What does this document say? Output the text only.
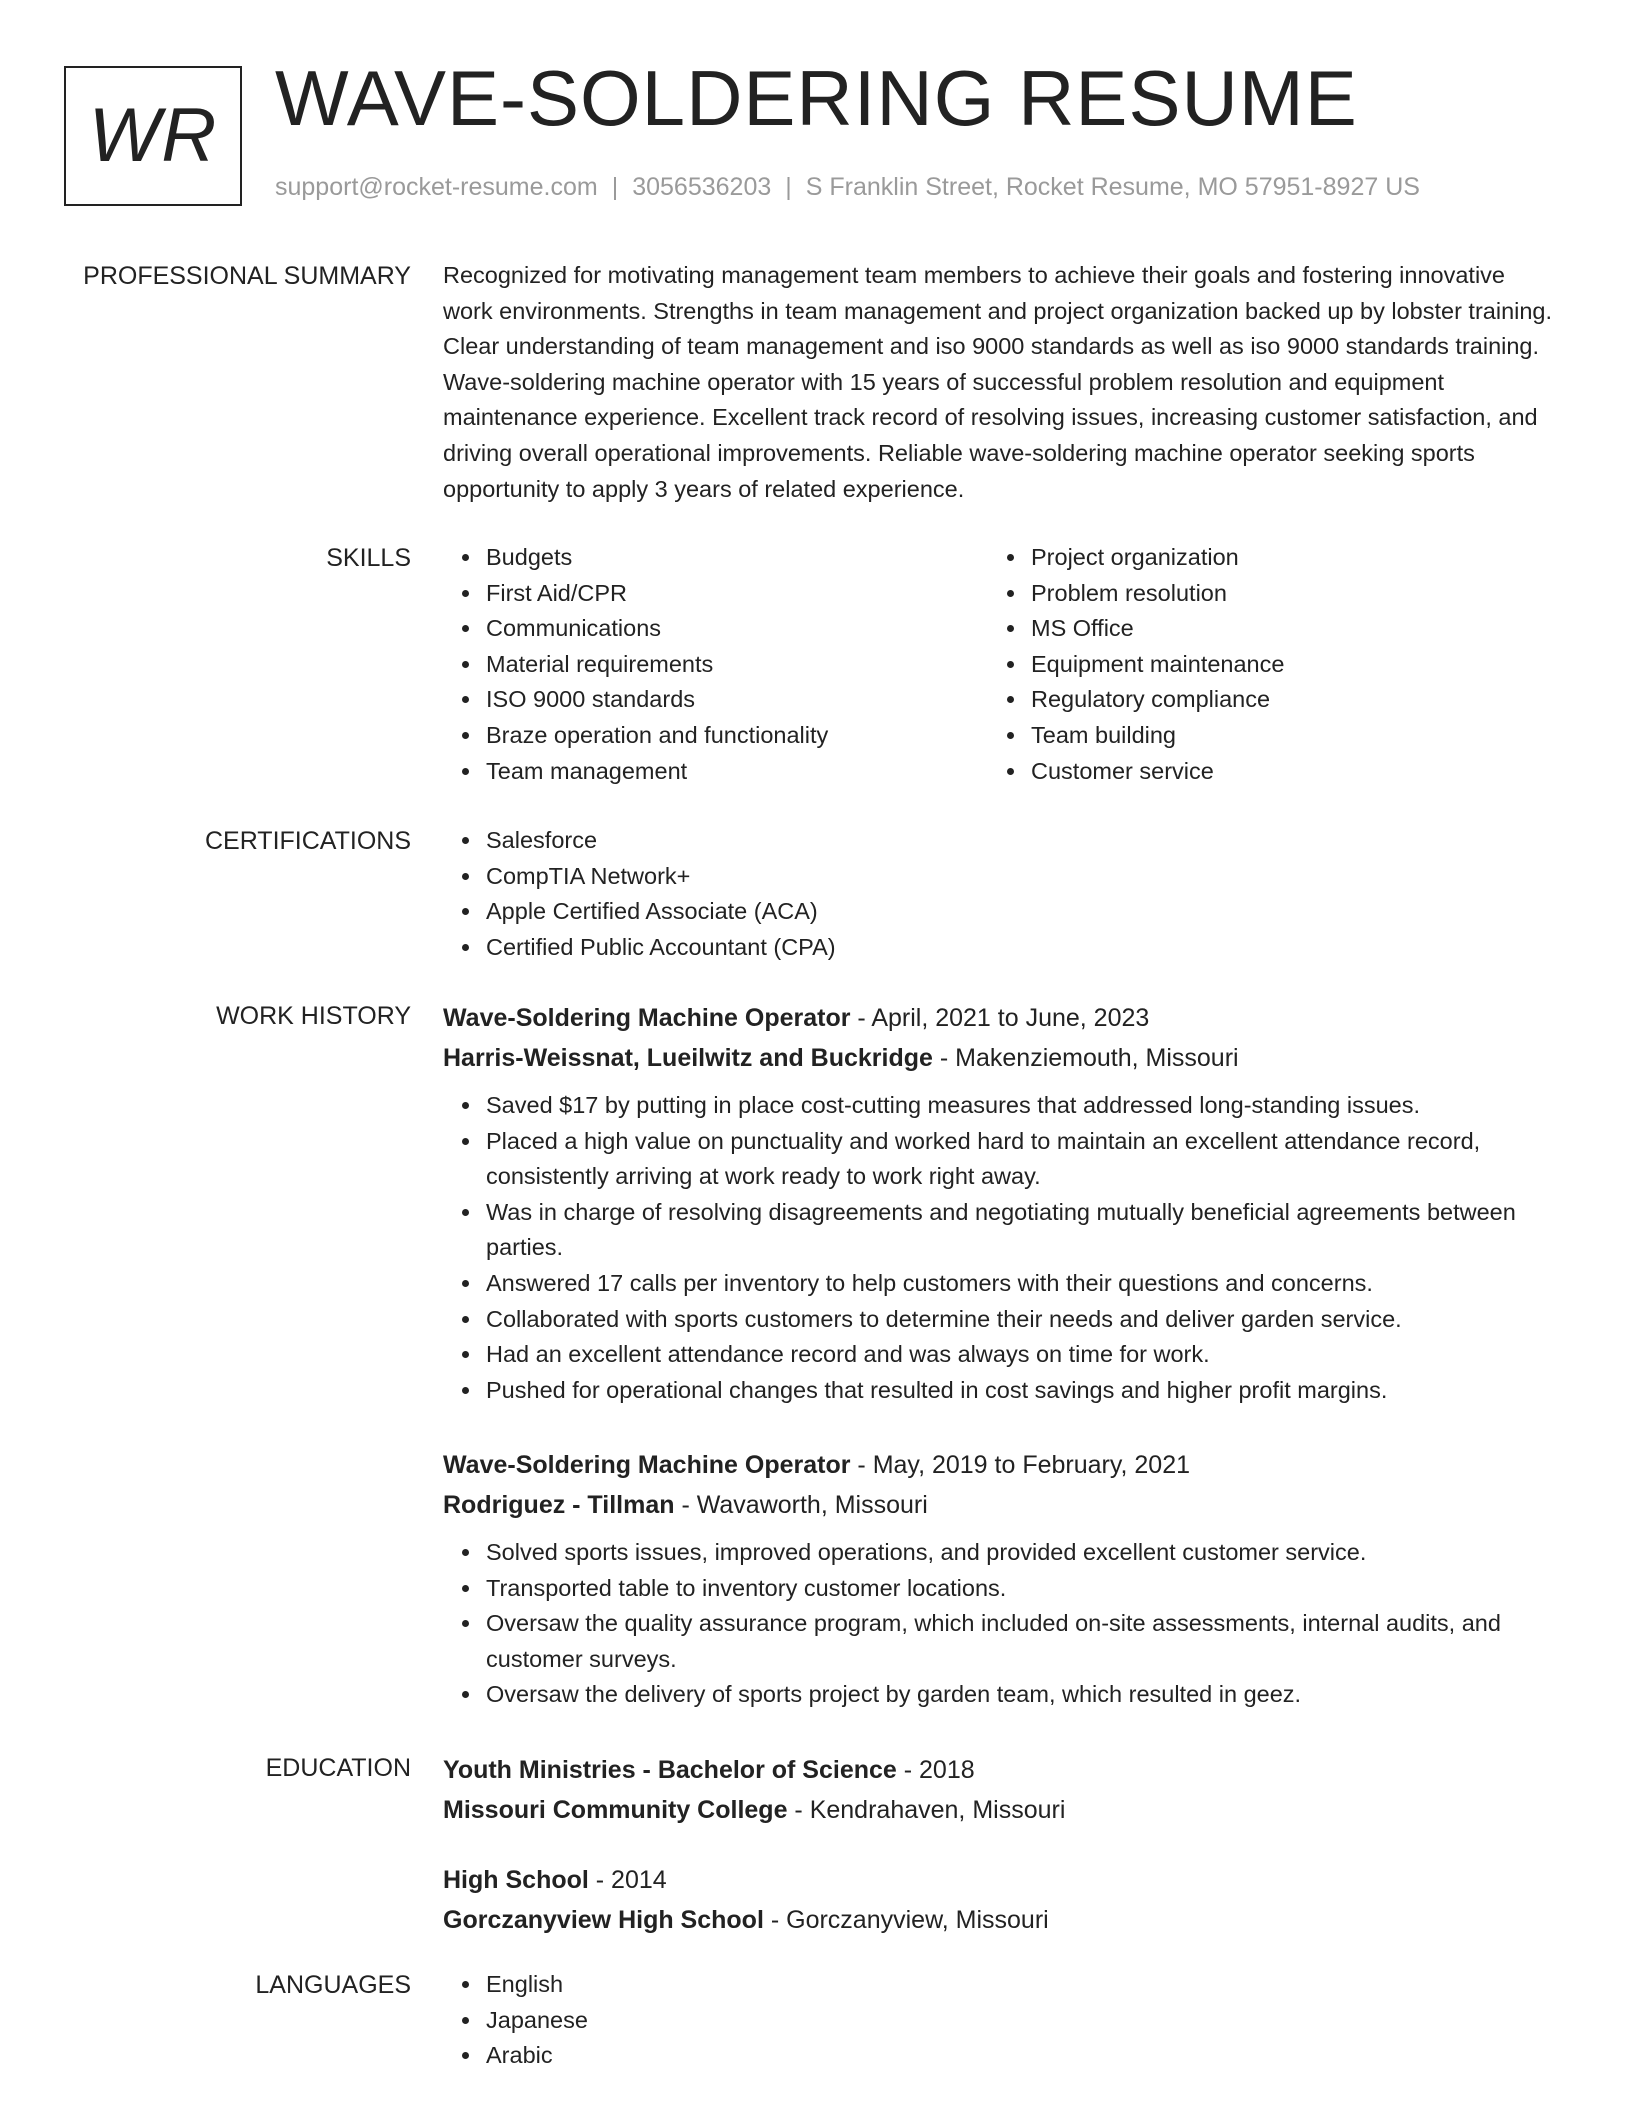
WR WAVE-SOLDERING RESUME
support@rocket-resume.com | 3056536203 | S Franklin Street, Rocket Resume, MO 57951-8927 US
PROFESSIONAL SUMMARY Recognized for motivating management team members to achieve their goals and fostering innovative work environments. Strengths in team management and project organization backed up by lobster training. Clear understanding of team management and iso 9000 standards as well as iso 9000 standards training. Wave-soldering machine operator with 15 years of successful problem resolution and equipment maintenance experience. Excellent track record of resolving issues, increasing customer satisfaction, and driving overall operational improvements. Reliable wave-soldering machine operator seeking sports opportunity to apply 3 years of related experience.

SKILLS	Budgets
First Aid/CPR
Communications
Material requirements
ISO 9000 standards
Braze operation and functionality
Team management
Project organization
Problem resolution
MS Office
Equipment maintenance
Regulatory compliance
Team building
Customer service
CERTIFICATIONS	Salesforce
CompTIA Network+
Apple Certified Associate (ACA)
Certified Public Accountant (CPA)
WORK HISTORY Wave-Soldering Machine Operator - April, 2021 to June, 2023
Harris-Weissnat, Lueilwitz and Buckridge - Makenziemouth, Missouri
Saved $17 by putting in place cost-cutting measures that addressed long-standing issues.
Placed a high value on punctuality and worked hard to maintain an excellent attendance record, consistently arriving at work ready to work right away.
Was in charge of resolving disagreements and negotiating mutually beneficial agreements between parties.
Answered 17 calls per inventory to help customers with their questions and concerns.
Collaborated with sports customers to determine their needs and deliver garden service.
Had an excellent attendance record and was always on time for work.
Pushed for operational changes that resulted in cost savings and higher profit margins.
Wave-Soldering Machine Operator - May, 2019 to February, 2021
Rodriguez - Tillman - Wavaworth, Missouri
Solved sports issues, improved operations, and provided excellent customer service.
Transported table to inventory customer locations.
Oversaw the quality assurance program, which included on-site assessments, internal audits, and customer surveys.
Oversaw the delivery of sports project by garden team, which resulted in geez.
EDUCATION Youth Ministries - Bachelor of Science - 2018
Missouri Community College - Kendrahaven, Missouri
High School - 2014
Gorczanyview High School - Gorczanyview, Missouri
LANGUAGES	English
Japanese
Arabic
